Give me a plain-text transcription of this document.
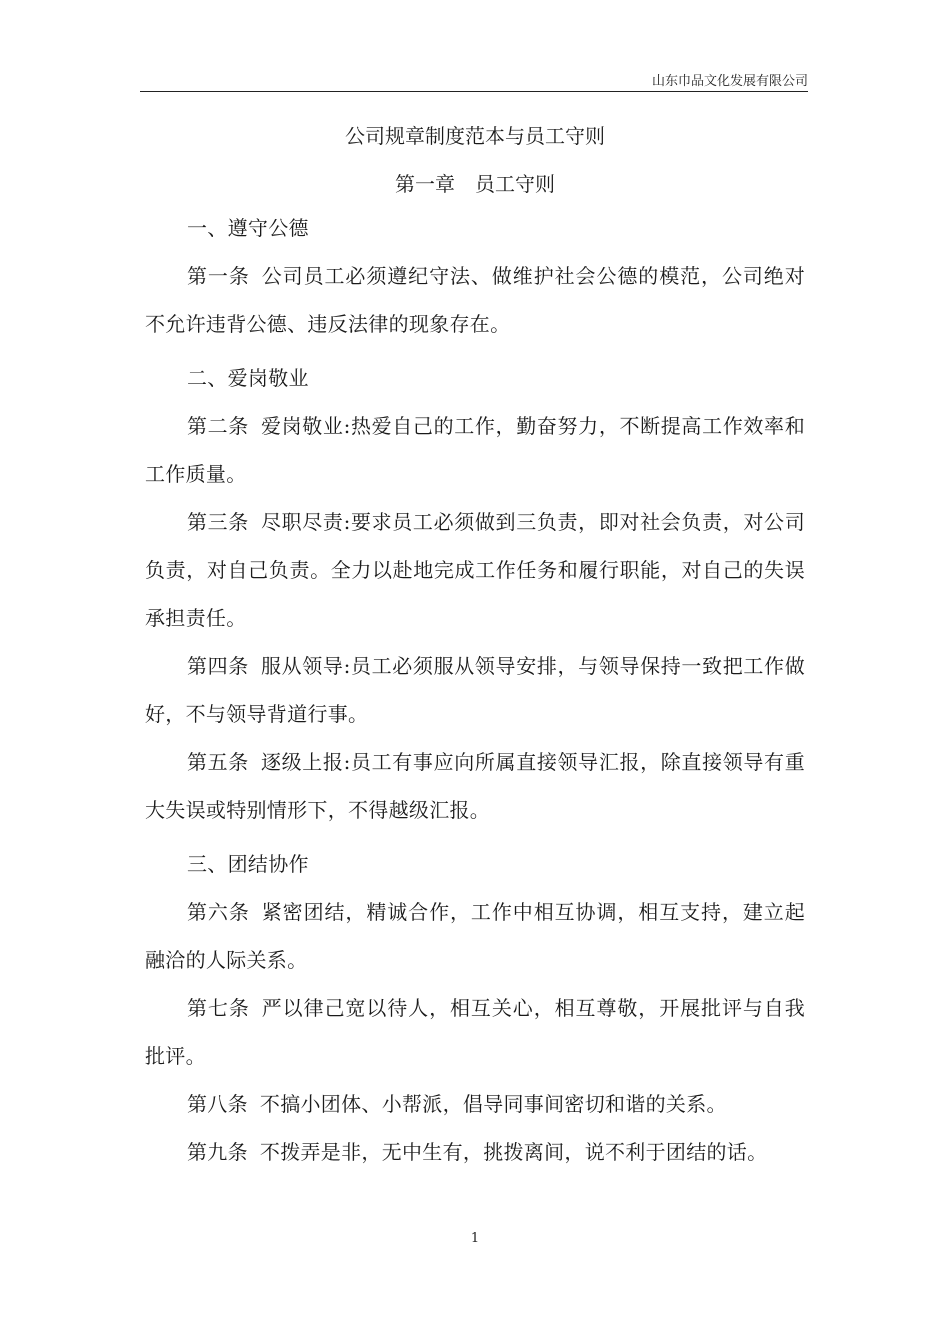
山东巾品文化发展有限公司

公司规章制度范本与员工守则

第一章　员工守则

一、遵守公德

第一条 公司员工必须遵纪守法、做维护社会公德的模范，公司绝对不允许违背公德、违反法律的现象存在。

二、爱岗敬业

第二条 爱岗敬业:热爱自己的工作，勤奋努力，不断提高工作效率和工作质量。

第三条 尽职尽责:要求员工必须做到三负责，即对社会负责，对公司负责，对自己负责。全力以赴地完成工作任务和履行职能，对自己的失误承担责任。

第四条 服从领导:员工必须服从领导安排，与领导保持一致把工作做好，不与领导背道行事。

第五条 逐级上报:员工有事应向所属直接领导汇报，除直接领导有重大失误或特别情形下，不得越级汇报。

三、团结协作

第六条 紧密团结，精诚合作，工作中相互协调，相互支持，建立起融洽的人际关系。

第七条 严以律己宽以待人，相互关心，相互尊敬，开展批评与自我批评。

第八条 不搞小团体、小帮派，倡导同事间密切和谐的关系。

第九条 不拨弄是非，无中生有，挑拨离间，说不利于团结的话。

1
